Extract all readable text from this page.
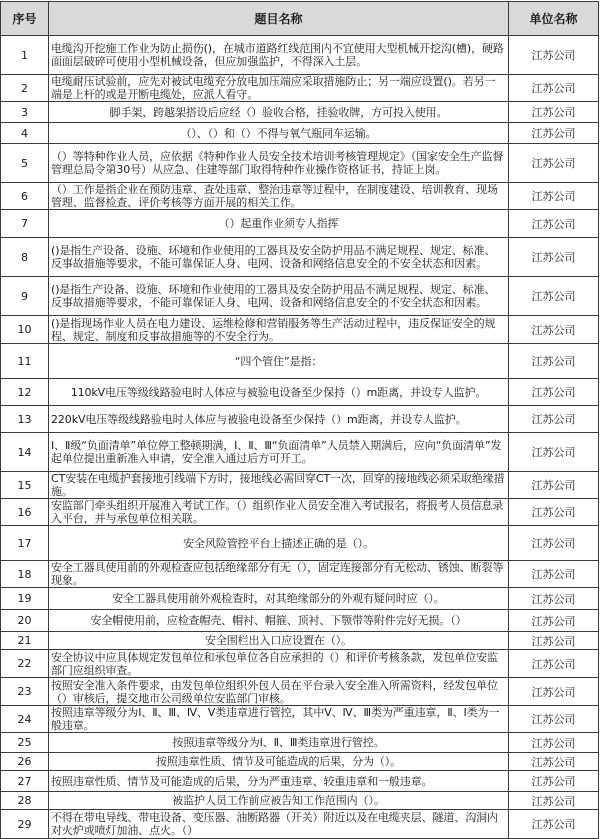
序号	题目名称	单位名称
1	电缆沟开挖施工作业为防止损伤()，在城市道路红线范围内不宜使用大型机械开挖沟(槽)，硬路面面层破碎可使用小型机械设备，但应加强监护，不得深入土层。	江苏公司
2	电缆耐压试验前，应先对被试电缆充分放电加压端应采取措施防止；另一端应设置()。若另一端是上杆的或是开断电缆处，应派人看守。	江苏公司
3	脚手架、跨越架搭设后应经（）验收合格，挂验收牌，方可投入使用。	江苏公司
4	（）、（）和（）不得与氧气瓶同车运输。	江苏公司
5	（）等特种作业人员，应依据《特种作业人员安全技术培训考核管理规定》（国家安全生产监督管理总局令第30号）从应急、住建等部门取得特种作业操作资格证书，持证上岗。	江苏公司
6	（）工作是指企业在预防违章、查处违章、整治违章等过程中，在制度建设、培训教育、现场管理、监督检查、评价考核等方面开展的相关工作。	江苏公司
7	（）起重作业须专人指挥	江苏公司
8	()是指生产设备、设施、环境和作业使用的工器具及安全防护用品不满足规程、规定、标准、反事故措施等要求，不能可靠保证人身、电网、设备和网络信息安全的不安全状态和因素。	江苏公司
9	()是指生产设备、设施、环境和作业使用的工器具及安全防护用品不满足规程、规定、标准、反事故措施等要求，不能可靠保证人身、电网、设备和网络信息安全的不安全状态和因素。	江苏公司
10	()是指现场作业人员在电力建设、运维检修和营销服务等生产活动过程中，违反保证安全的规程、规定、制度和反事故措施等的不安全行为。	江苏公司
11	“四个管住”是指：	江苏公司
12	110kV电压等级线路验电时人体应与被验电设备至少保持（）m距离，并设专人监护。	江苏公司
13	220kV电压等级线路验电时人体应与被验电设备至少保持（）m距离，并设专人监护。	江苏公司
14	Ⅰ、Ⅱ级“负面清单”单位停工整顿期满，Ⅰ、Ⅱ、Ⅲ“负面清单”人员禁入期满后，应向“负面清单”发起单位提出重新准入申请，安全准入通过后方可开工。	江苏公司
15	CT安装在电缆护套接地引线端下方时，接地线必需回穿CT一次，回穿的接地线必须采取绝缘措施。	江苏公司
16	安监部门牵头组织开展准入考试工作。（）组织作业人员安全准入考试报名，将报考人员信息录入平台，并与承包单位相关联。	江苏公司
17	安全风险管控平台上描述正确的是（）。	江苏公司
18	安全工器具使用前的外观检查应包括绝缘部分有无（），固定连接部分有无松动、锈蚀、断裂等现象。	江苏公司
19	安全工器具使用前外观检查时，对其绝缘部分的外观有疑问时应（）。	江苏公司
20	安全帽使用前，应检查帽壳、帽衬、帽箍、顶衬、下颚带等附件完好无损。（）	江苏公司
21	安全围栏出入口应设置在（）。	江苏公司
22	安全协议中应具体规定发包单位和承包单位各自应承担的（）和评价考核条款，发包单位安监部门应组织审查。	江苏公司
23	按照安全准入条件要求，由发包单位组织外包人员在平台录入安全准入所需资料，经发包单位（）审核后，提交地市公司级单位安监部门审核。	江苏公司
24	按照违章等级分为Ⅰ、Ⅱ、Ⅲ、Ⅳ、Ⅴ类违章进行管控，其中Ⅴ、Ⅳ、Ⅲ类为严重违章，Ⅱ、Ⅰ类为一般违章。	江苏公司
25	按照违章等级分为Ⅰ、Ⅱ、Ⅲ类违章进行管控。	江苏公司
26	按照违章性质、情节及可能造成的后果，分为（）。	江苏公司
27	按照违章性质、情节及可能造成的后果，分为严重违章、较重违章和一般违章。	江苏公司
28	被监护人员工作前应被告知工作范围内（）。	江苏公司
29	不得在带电导线、带电设备、变压器、油断路器（开关）附近以及在电缆夹层、隧道、沟洞内对火炉或喷灯加油、点火。（）	江苏公司
